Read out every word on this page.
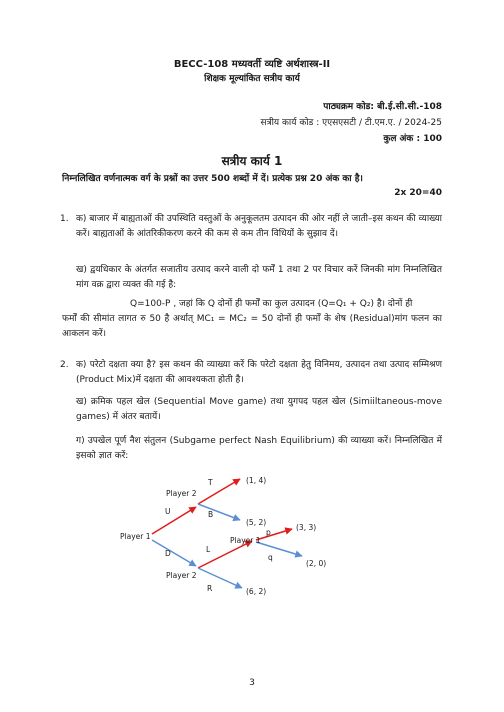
BECC-108 मध्यवर्ती व्यष्टि अर्थशास्त्र-II
शिक्षक मूल्यांकित सत्रीय कार्य
पाठ्यक्रम कोड: बी.ई.सी.सी.-108
सत्रीय कार्य कोड : एएसएसटी / टी.एम.ए. / 2024-25
कुल अंक : 100
सत्रीय कार्य 1
निम्नलिखित वर्णनात्मक वर्ग के प्रश्नों का उत्तर 500 शब्दों में दें। प्रत्येक प्रश्न 20 अंक का है।
2x 20=40
1. क) बाजार में बाह्यताओं की उपस्थिति वस्तुओं के अनुकूलतम उत्पादन की ओर नहीं ले जाती–इस कथन की व्याख्या करें। बाह्यताओं के आंतरिकीकरण करने की कम से कम तीन विधियों के सुझाव दें।
ख) द्वयधिकार के अंतर्गत सजातीय उत्पाद करने वाली दो फर्में 1 तथा 2 पर विचार करें जिनकी मांग निम्नलिखित मांग वक्र द्वारा व्यक्त की गई है:
Q=100-P , जहां कि Q दोनों ही फर्मों का कुल उत्पादन (Q=Q₁ + Q₂) है। दोनों ही
फर्मों की सीमांत लागत रु 50 है अर्थात् MC₁ = MC₂ = 50 दोनों ही फर्मों के शेष (Residual)मांग फलन का आकलन करें।
2. क) परेटो दक्षता क्या है? इस कथन की व्याख्या करें कि परेटो दक्षता हेतु विनिमय, उत्पादन तथा उत्पाद सम्मिश्रण (Product Mix)में दक्षता की आवश्यकता होती है।
ख) क्रमिक पहल खेल (Sequential Move game) तथा युगपद पहल खेल (Simiiltaneous-move games) में अंतर बतायें।
ग) उपखेल पूर्ण नैश संतुलन (Subgame perfect Nash Equilibrium) की व्याख्या करें। निम्नलिखित में इसको ज्ञात करें:
Player 1
Player 2
Player 2
Player 1
U
D
T
B
L
R
p
q
(1, 4)
(5, 2)
(3, 3)
(2, 0)
(6, 2)
3
